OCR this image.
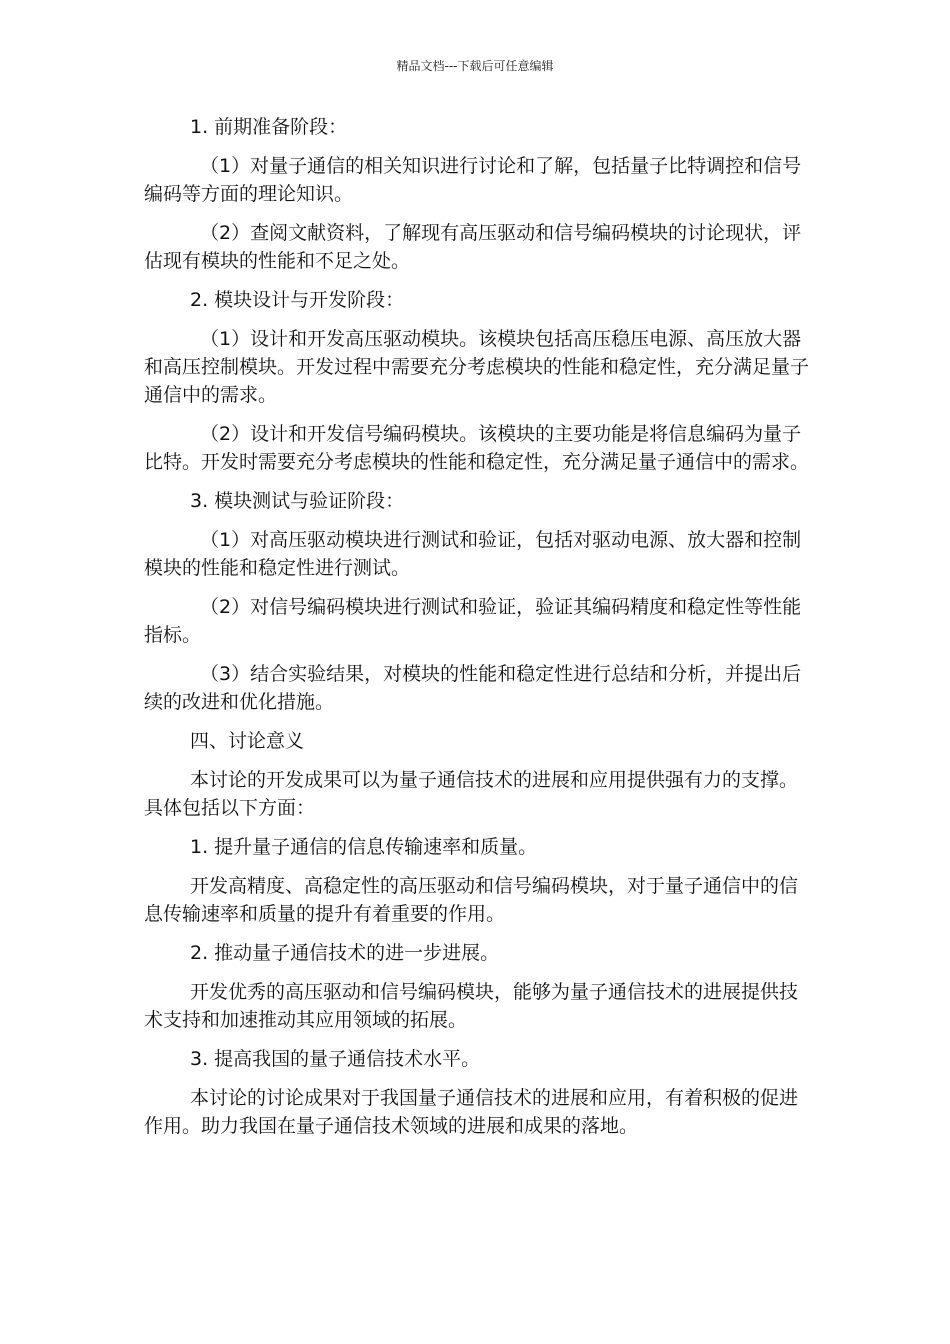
精品文档---下载后可任意编辑

1. 前期准备阶段：

（1）对量子通信的相关知识进行讨论和了解，包括量子比特调控和信号编码等方面的理论知识。

（2）查阅文献资料，了解现有高压驱动和信号编码模块的讨论现状，评估现有模块的性能和不足之处。

2. 模块设计与开发阶段：

（1）设计和开发高压驱动模块。该模块包括高压稳压电源、高压放大器和高压控制模块。开发过程中需要充分考虑模块的性能和稳定性，充分满足量子通信中的需求。

（2）设计和开发信号编码模块。该模块的主要功能是将信息编码为量子比特。开发时需要充分考虑模块的性能和稳定性，充分满足量子通信中的需求。

3. 模块测试与验证阶段：

（1）对高压驱动模块进行测试和验证，包括对驱动电源、放大器和控制模块的性能和稳定性进行测试。

（2）对信号编码模块进行测试和验证，验证其编码精度和稳定性等性能指标。

（3）结合实验结果，对模块的性能和稳定性进行总结和分析，并提出后续的改进和优化措施。

四、讨论意义

本讨论的开发成果可以为量子通信技术的进展和应用提供强有力的支撑。具体包括以下方面：

1. 提升量子通信的信息传输速率和质量。

开发高精度、高稳定性的高压驱动和信号编码模块，对于量子通信中的信息传输速率和质量的提升有着重要的作用。

2. 推动量子通信技术的进一步进展。

开发优秀的高压驱动和信号编码模块，能够为量子通信技术的进展提供技术支持和加速推动其应用领域的拓展。

3. 提高我国的量子通信技术水平。

本讨论的讨论成果对于我国量子通信技术的进展和应用，有着积极的促进作用。助力我国在量子通信技术领域的进展和成果的落地。
